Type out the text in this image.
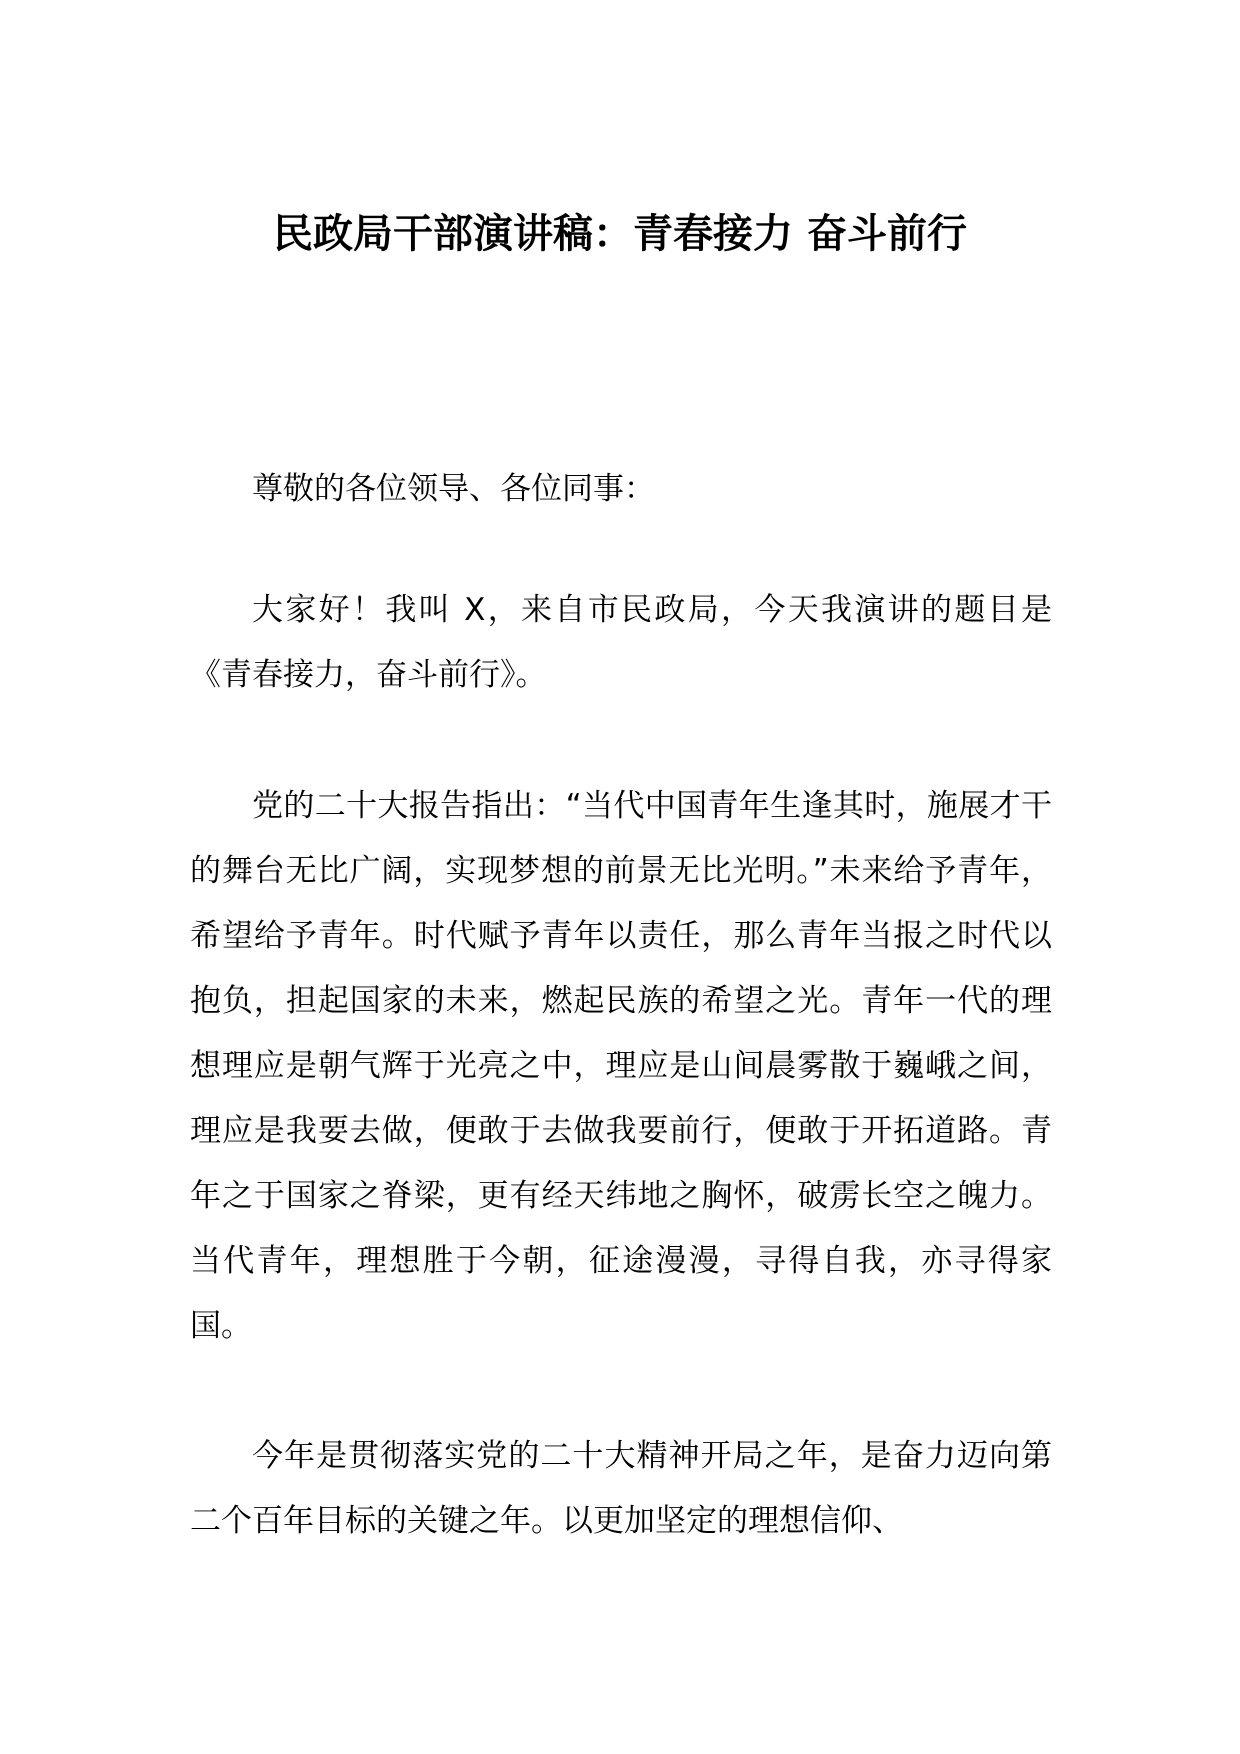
民政局干部演讲稿：青春接力 奋斗前行

尊敬的各位领导、各位同事：

大家好！我叫 X，来自市民政局，今天我演讲的题目是《青春接力，奋斗前行》。

党的二十大报告指出：“当代中国青年生逢其时，施展才干的舞台无比广阔，实现梦想的前景无比光明。”未来给予青年，希望给予青年。时代赋予青年以责任，那么青年当报之时代以抱负，担起国家的未来，燃起民族的希望之光。青年一代的理想理应是朝气辉于光亮之中，理应是山间晨雾散于巍峨之间，理应是我要去做，便敢于去做我要前行，便敢于开拓道路。青年之于国家之脊梁，更有经天纬地之胸怀，破雳长空之魄力。当代青年，理想胜于今朝，征途漫漫，寻得自我，亦寻得家国。

今年是贯彻落实党的二十大精神开局之年，是奋力迈向第二个百年目标的关键之年。以更加坚定的理想信仰、
